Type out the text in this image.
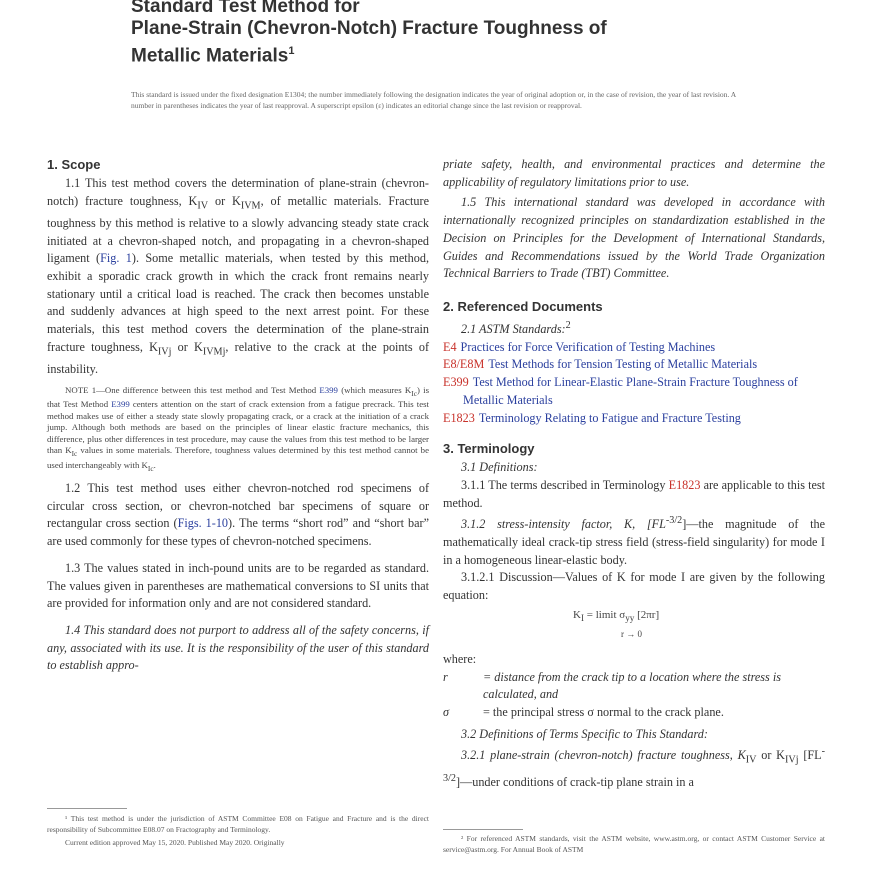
Standard Test Method for
Plane-Strain (Chevron-Notch) Fracture Toughness of
Metallic Materials$^1$
This standard is issued under the fixed designation E1304; the number immediately following the designation indicates the year of original adoption or, in the case of revision, the year of last revision. A number in parentheses indicates the year of last reapproval. A superscript epsilon (ε) indicates an editorial change since the last revision or reapproval.
1. Scope

1.1 This test method covers the determination of plane-strain (chevron-notch) fracture toughness, $K_{IV}$ or $K_{IVM}$, of metallic materials. Fracture toughness by this method is relative to a slowly advancing steady state crack initiated at a chevron-shaped notch, and propagating in a chevron-shaped ligament (Fig. 1). Some metallic materials, when tested by this method, exhibit a sporadic crack growth in which the crack front remains nearly stationary until a critical load is reached. The crack then becomes unstable and suddenly advances at high speed to the next arrest point. For these materials, this test method covers the determination of the plane-strain fracture toughness, $K_{IVj}$ or $K_{IVMj}$, relative to the crack at the points of instability.

NOTE 1—One difference between this test method and Test Method E399 (which measures $K_{Ic}$) is that Test Method E399 centers attention on the start of crack extension from a fatigue precrack. This test method makes use of either a steady state slowly propagating crack, or a crack at the initiation of a crack jump. Although both methods are based on the principles of linear elastic fracture mechanics, this difference, plus other differences in test procedure, may cause the values from this test method to be larger than $K_{Ic}$ values in some materials. Therefore, toughness values determined by this test method cannot be used interchangeably with $K_{Ic}$.

1.2 This test method uses either chevron-notched rod specimens of circular cross section, or chevron-notched bar specimens of square or rectangular cross section (Figs. 1-10). The terms “short rod” and “short bar” are used commonly for these types of chevron-notched specimens.

1.3 The values stated in inch-pound units are to be regarded as standard. The values given in parentheses are mathematical conversions to SI units that are provided for information only and are not considered standard.

1.4 This standard does not purport to address all of the safety concerns, if any, associated with its use. It is the responsibility of the user of this standard to establish appro-

¹ This test method is under the jurisdiction of ASTM Committee E08 on Fatigue and Fracture and is the direct responsibility of Subcommittee E08.07 on Fractography and Terminology.
Current edition approved May 15, 2020. Published May 2020. Originally

priate safety, health, and environmental practices and determine the applicability of regulatory limitations prior to use.

1.5 This international standard was developed in accordance with internationally recognized principles on standardization established in the Decision on Principles for the Development of International Standards, Guides and Recommendations issued by the World Trade Organization Technical Barriers to Trade (TBT) Committee.

2. Referenced Documents

2.1 ASTM Standards:$^2$

E4 Practices for Force Verification of Testing Machines
E8/E8M Test Methods for Tension Testing of Metallic Materials
E399 Test Method for Linear-Elastic Plane-Strain Fracture Toughness of Metallic Materials
E1823 Terminology Relating to Fatigue and Fracture Testing
3. Terminology

3.1 Definitions:

3.1.1 The terms described in Terminology E1823 are applicable to this test method.

3.1.2 stress-intensity factor, K, $[FL^{-3/2}]—the$ magnitude of the mathematically ideal crack-tip stress field (stress-field singularity) for mode I in a homogeneous linear-elastic body.

3.1.2.1 Discussion—Values of K for mode I are given by the following equation:

$K_I$ = limit $\sigma_{yy}$ [2πr]
r → 0

where:

r	= distance from the crack tip to a location where the stress is calculated, and
σ	= the principal stress σ normal to the crack plane.

3.2 Definitions of Terms Specific to This Standard:

3.2.1 plane-strain (chevron-notch) fracture toughness, $K_{IV}$ or $K_{IVj}$ $[FL^{-3/2}]—under$ conditions of crack-tip plane strain in a

² For referenced ASTM standards, visit the ASTM website, www.astm.org, or contact ASTM Customer Service at service@astm.org. For Annual Book of ASTM
